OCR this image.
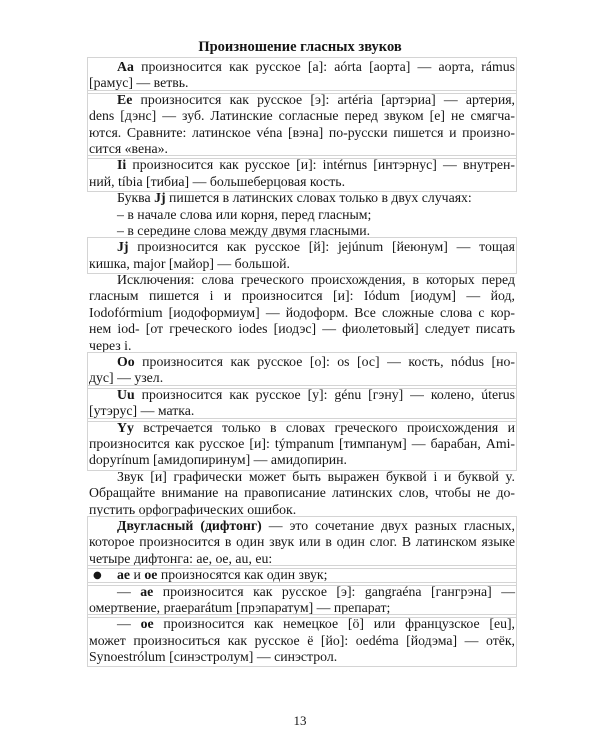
Произношение гласных звуков
Aa произносится как русское [а]: aórta [аорта] — аорта, rámus
[рамус] — ветвь.
Ee произносится как русское [э]: artéria [артэриа] — артерия,
dens [дэнс] — зуб. Латинские согласные перед звуком [е] не смягча-
ются. Сравните: латинское véna [вэна] по-русски пишется и произно-
сится «вена».
Ii произносится как русское [и]: intérnus [интэрнус] — внутрен-
ний, tíbia [тибиа] — большеберцовая кость.
Буква Jj пишется в латинских словах только в двух случаях:
– в начале слова или корня, перед гласным;
– в середине слова между двумя гласными.
Jj произносится как русское [й]: jejúnum [йеюнум] — тощая
кишка, major [майор] — большой.
Исключения: слова греческого происхождения, в которых перед
гласным пишется i и произносится [и]: Iódum [иодум] — йод,
Iodofórmium [иодоформиум] — йодоформ. Все сложные слова с кор-
нем iod- [от греческого iodes [иодэс] — фиолетовый] следует писать
через i.
Oo произносится как русское [о]: os [ос] — кость, nódus [но-
дус] — узел.
Uu произносится как русское [у]: génu [гэну] — колено, úterus
[утэрус] — матка.
Yy встречается только в словах греческого происхождения и
произносится как русское [и]: týmpanum [тимпанум] — барабан, Ami-
dopyrínum [амидопиринум] — амидопирин.
Звук [и] графически может быть выражен буквой i и буквой y.
Обращайте внимание на правописание латинских слов, чтобы не до-
пустить орфографических ошибок.
Двугласный (дифтонг) — это сочетание двух разных гласных,
которое произносится в один звук или в один слог. В латинском языке
четыре дифтонга: ae, oe, au, eu:
● ae и oe произносятся как один звук;
— ae произносится как русское [э]: gangraéna [гангрэна] —
омертвение, praeparátum [прэпаратум] — препарат;
— oe произносится как немецкое [ö] или французское [eu],
может произноситься как русское ё [йо]: oedéma [йодэма] — отёк,
Synoestrólum [синэстролум] — синэстрол.
13
